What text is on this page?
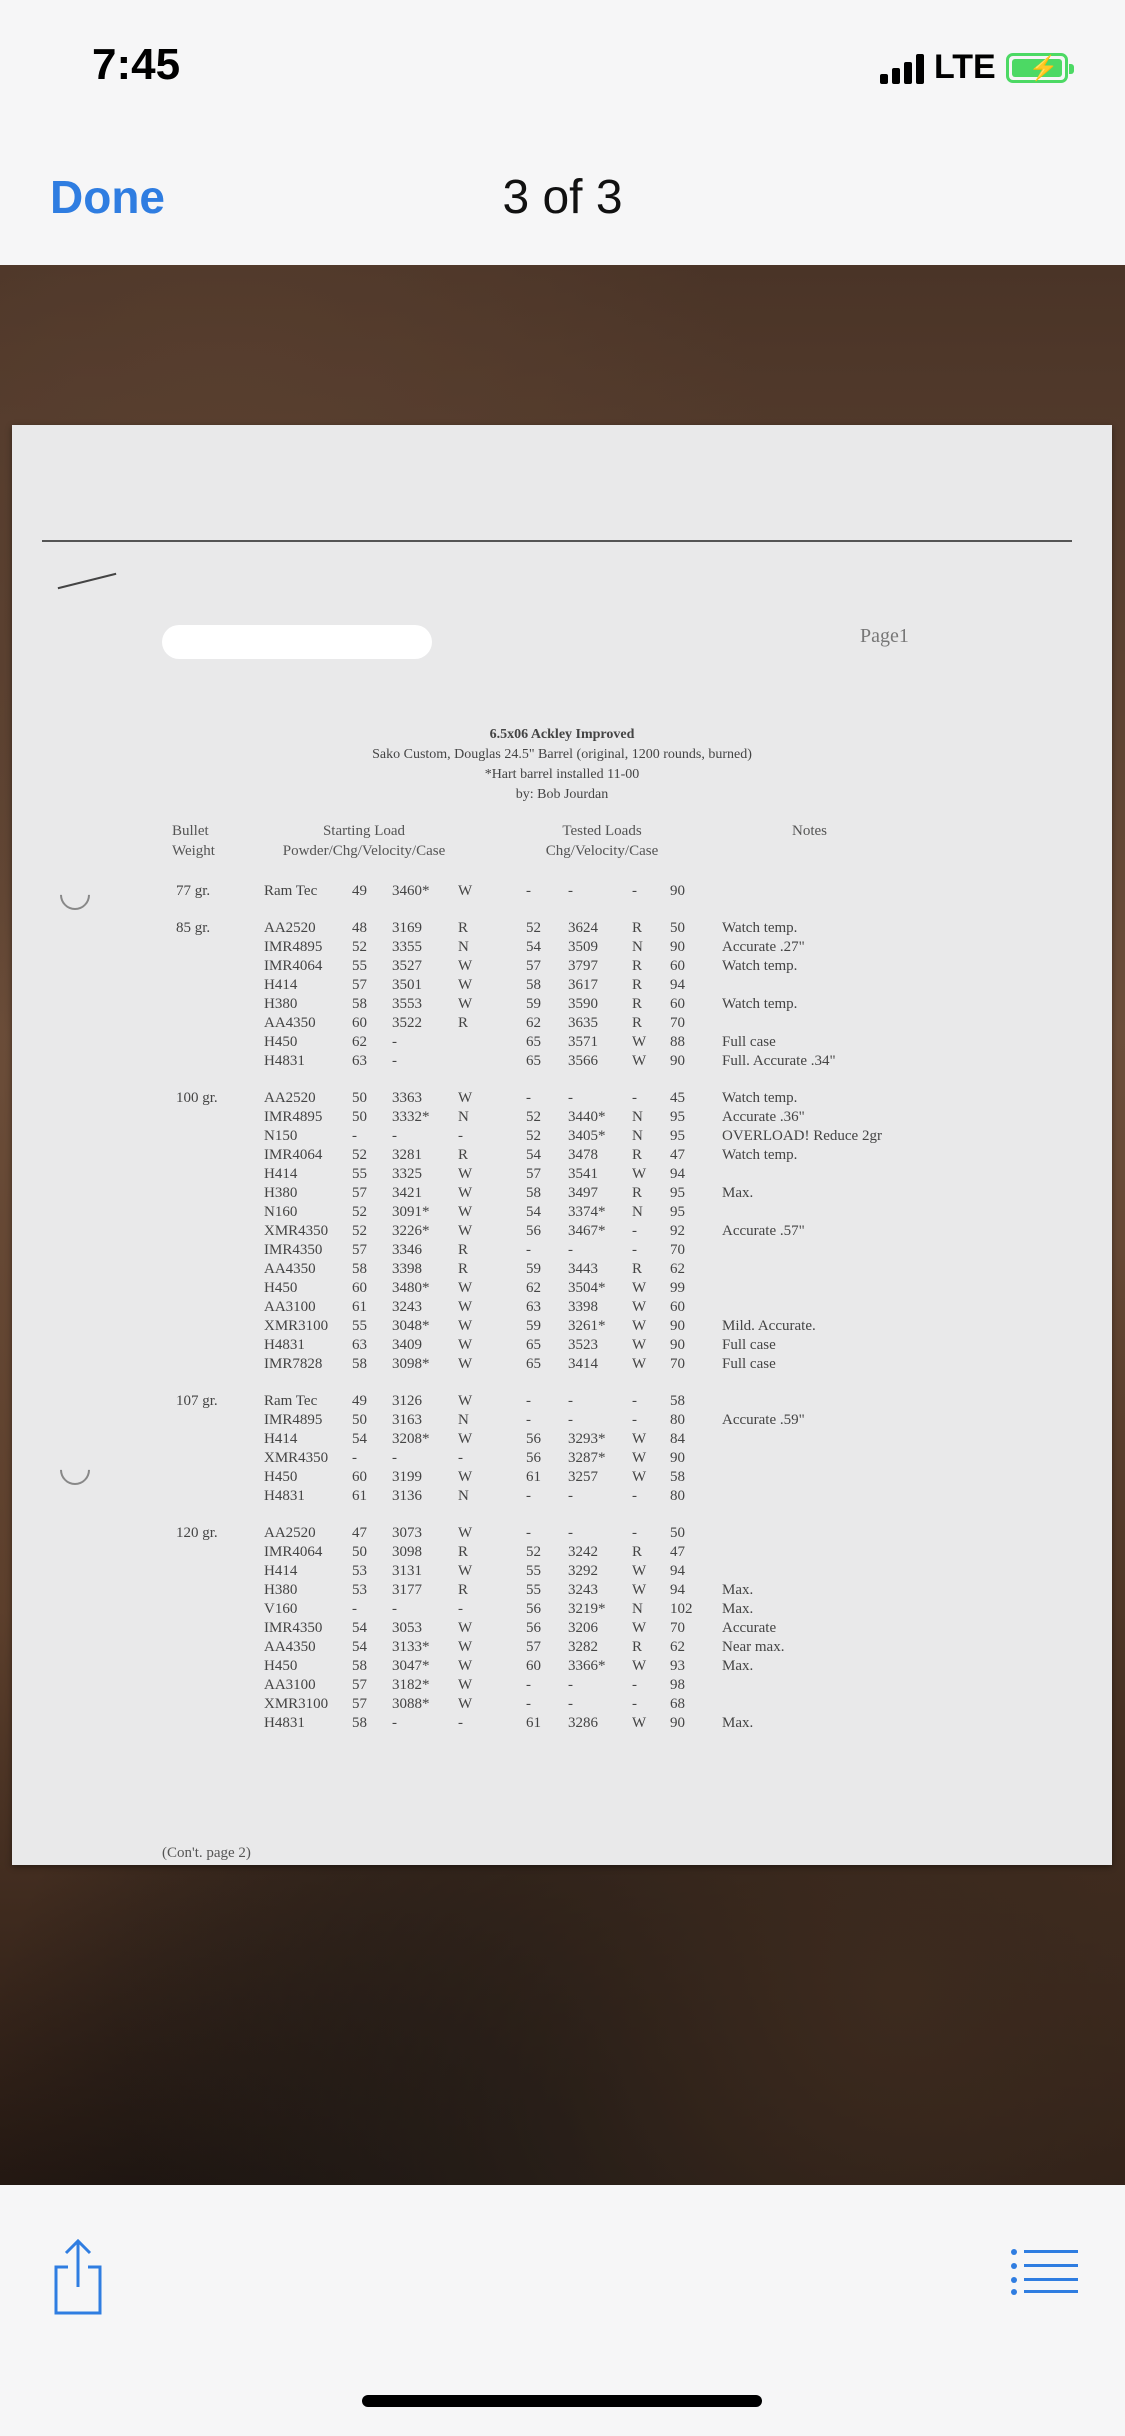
7:45	LTE ⚡
Done	3 of 3
Page1
6.5x06 Ackley Improved
Sako Custom, Douglas 24.5" Barrel (original, 1200 rounds, burned)
*Hart barrel installed 11-00
by: Bob Jourdan
Bullet
Weight
Starting Load
Powder/Chg/Velocity/Case
Tested Loads
Chg/Velocity/Case
Notes
77 gr.	Ram Tec	49	3460*	W	-	-	-	90	

85 gr.	AA2520	48	3169	R	52	3624	R	50	Watch temp.
	IMR4895	52	3355	N	54	3509	N	90	Accurate .27"
	IMR4064	55	3527	W	57	3797	R	60	Watch temp.
	H414	57	3501	W	58	3617	R	94	
	H380	58	3553	W	59	3590	R	60	Watch temp.
	AA4350	60	3522	R	62	3635	R	70	
	H450	62	-		65	3571	W	88	Full case
	H4831	63	-		65	3566	W	90	Full. Accurate .34"

100 gr.	AA2520	50	3363	W	-	-	-	45	Watch temp.
	IMR4895	50	3332*	N	52	3440*	N	95	Accurate .36"
	N150	-	-	-	52	3405*	N	95	OVERLOAD! Reduce 2gr
	IMR4064	52	3281	R	54	3478	R	47	Watch temp.
	H414	55	3325	W	57	3541	W	94	
	H380	57	3421	W	58	3497	R	95	Max.
	N160	52	3091*	W	54	3374*	N	95	
	XMR4350	52	3226*	W	56	3467*	-	92	Accurate .57"
	IMR4350	57	3346	R	-	-	-	70	
	AA4350	58	3398	R	59	3443	R	62	
	H450	60	3480*	W	62	3504*	W	99	
	AA3100	61	3243	W	63	3398	W	60	
	XMR3100	55	3048*	W	59	3261*	W	90	Mild. Accurate.
	H4831	63	3409	W	65	3523	W	90	Full case
	IMR7828	58	3098*	W	65	3414	W	70	Full case

107 gr.	Ram Tec	49	3126	W	-	-	-	58	
	IMR4895	50	3163	N	-	-	-	80	Accurate .59"
	H414	54	3208*	W	56	3293*	W	84	
	XMR4350	-	-	-	56	3287*	W	90	
	H450	60	3199	W	61	3257	W	58	
	H4831	61	3136	N	-	-	-	80	

120 gr.	AA2520	47	3073	W	-	-	-	50	
	IMR4064	50	3098	R	52	3242	R	47	
	H414	53	3131	W	55	3292	W	94	
	H380	53	3177	R	55	3243	W	94	Max.
	V160	-	-	-	56	3219*	N	102	Max.
	IMR4350	54	3053	W	56	3206	W	70	Accurate
	AA4350	54	3133*	W	57	3282	R	62	Near max.
	H450	58	3047*	W	60	3366*	W	93	Max.
	AA3100	57	3182*	W	-	-	-	98	
	XMR3100	57	3088*	W	-	-	-	68	
	H4831	58	-	-	61	3286	W	90	Max.
(Con't. page 2)
